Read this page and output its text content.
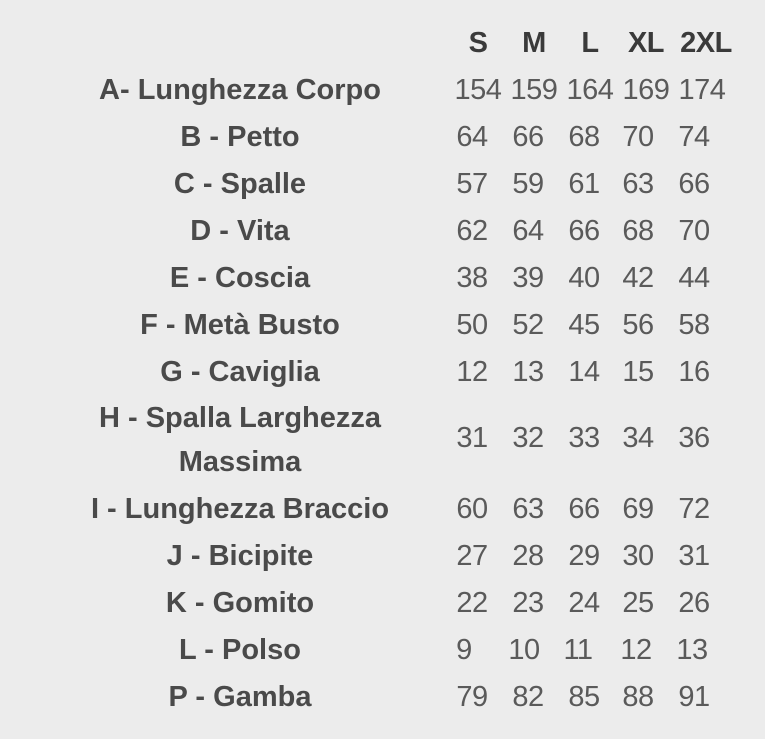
S	M	L	XL 2XL
A- Lunghezza Corpo	154 159 164 169 174
B - Petto	64 66 68 70 74
C - Spalle	57 59 61 63 66
D - Vita	62 64 66 68 70
E - Coscia	38 39 40 42 44
F - Metà Busto	50 52 45 56 58
G - Caviglia	12 13 14 15 16
H - Spalla Larghezza
Massima
31 32 33 34 36
I - Lunghezza Braccio	60 63 66 69 72
J - Bicipite	27 28 29 30 31
K - Gomito	22 23 24 25 26
L - Polso	9	10 11 12 13
P - Gamba	79 82 85 88 91
